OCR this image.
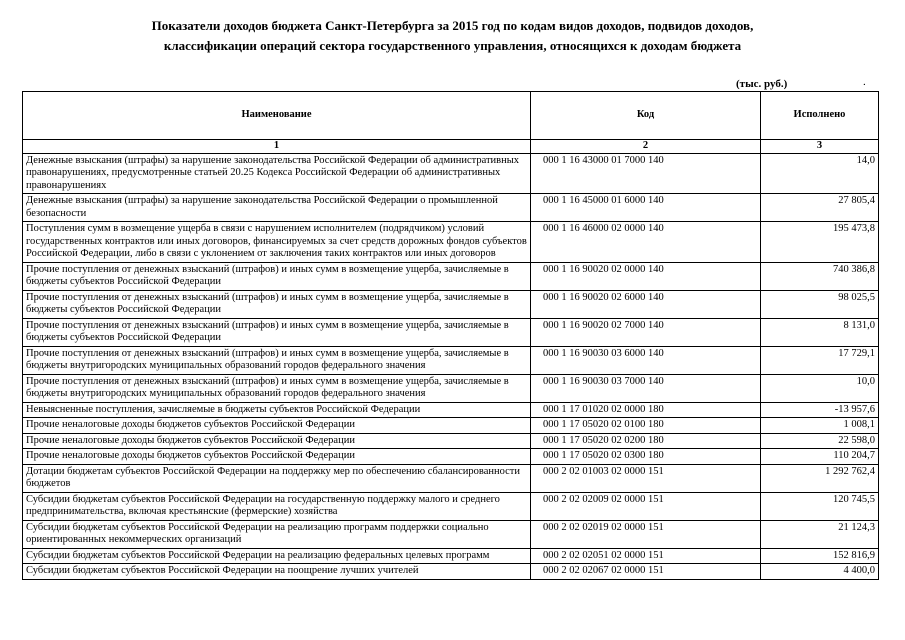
Показатели доходов бюджета Санкт-Петербурга за 2015 год по кодам видов доходов, подвидов доходов,
классификации операций сектора государственного управления, относящихся к доходам бюджета
(тыс. руб.)	.
Наименование	Код	Исполнено
1	2	3
Денежные взыскания (штрафы) за нарушение законодательства Российской Федерации об административных правонарушениях, предусмотренные статьей 20.25 Кодекса Российской Федерации об административных правонарушениях	000 1 16 43000 01 7000 140	14,0
Денежные взыскания (штрафы) за нарушение законодательства Российской Федерации о промышленной безопасности	000 1 16 45000 01 6000 140	27 805,4
Поступления сумм в возмещение ущерба в связи с нарушением исполнителем (подрядчиком) условий государственных контрактов или иных договоров, финансируемых за счет средств дорожных фондов субъектов Российской Федерации, либо в связи с уклонением от заключения таких контрактов или иных договоров	000 1 16 46000 02 0000 140	195 473,8
Прочие поступления от денежных взысканий (штрафов) и иных сумм в возмещение ущерба, зачисляемые в бюджеты субъектов Российской Федерации	000 1 16 90020 02 0000 140	740 386,8
Прочие поступления от денежных взысканий (штрафов) и иных сумм в возмещение ущерба, зачисляемые в бюджеты субъектов Российской Федерации	000 1 16 90020 02 6000 140	98 025,5
Прочие поступления от денежных взысканий (штрафов) и иных сумм в возмещение ущерба, зачисляемые в бюджеты субъектов Российской Федерации	000 1 16 90020 02 7000 140	8 131,0
Прочие поступления от денежных взысканий (штрафов) и иных сумм в возмещение ущерба, зачисляемые в бюджеты внутригородских муниципальных образований городов федерального значения	000 1 16 90030 03 6000 140	17 729,1
Прочие поступления от денежных взысканий (штрафов) и иных сумм в возмещение ущерба, зачисляемые в бюджеты внутригородских муниципальных образований городов федерального значения	000 1 16 90030 03 7000 140	10,0
Невыясненные поступления, зачисляемые в бюджеты субъектов Российской Федерации	000 1 17 01020 02 0000 180	-13 957,6
Прочие неналоговые доходы бюджетов субъектов Российской Федерации	000 1 17 05020 02 0100 180	1 008,1
Прочие неналоговые доходы бюджетов субъектов Российской Федерации	000 1 17 05020 02 0200 180	22 598,0
Прочие неналоговые доходы бюджетов субъектов Российской Федерации	000 1 17 05020 02 0300 180	110 204,7
Дотации бюджетам субъектов Российской Федерации на поддержку мер по обеспечению сбалансированности бюджетов	000 2 02 01003 02 0000 151	1 292 762,4
Субсидии бюджетам субъектов Российской Федерации на государственную поддержку малого и среднего предпринимательства, включая крестьянские (фермерские) хозяйства	000 2 02 02009 02 0000 151	120 745,5
Субсидии бюджетам субъектов Российской Федерации на реализацию программ поддержки социально ориентированных некоммерческих организаций	000 2 02 02019 02 0000 151	21 124,3
Субсидии бюджетам субъектов Российской Федерации на реализацию федеральных целевых программ	000 2 02 02051 02 0000 151	152 816,9
Субсидии бюджетам субъектов Российской Федерации на поощрение лучших учителей	000 2 02 02067 02 0000 151	4 400,0
